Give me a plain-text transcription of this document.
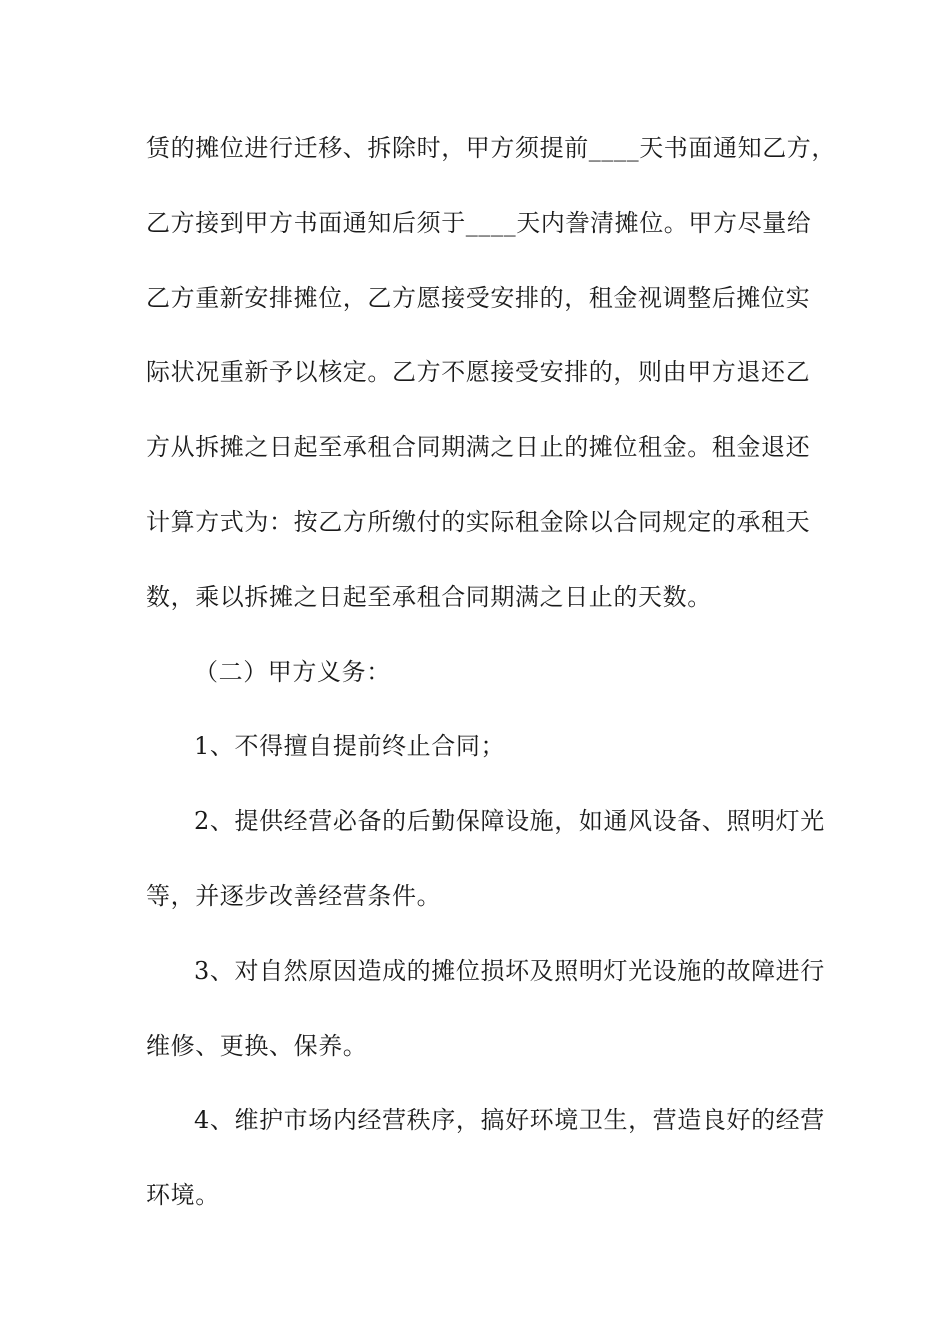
赁的摊位进行迁移、拆除时，甲方须提前____天书面通知乙方，
乙方接到甲方书面通知后须于____天内誊清摊位。甲方尽量给
乙方重新安排摊位，乙方愿接受安排的，租金视调整后摊位实
际状况重新予以核定。乙方不愿接受安排的，则由甲方退还乙
方从拆摊之日起至承租合同期满之日止的摊位租金。租金退还
计算方式为：按乙方所缴付的实际租金除以合同规定的承租天
数，乘以拆摊之日起至承租合同期满之日止的天数。
（二）甲方义务：
1、不得擅自提前终止合同；
2、提供经营必备的后勤保障设施，如通风设备、照明灯光
等，并逐步改善经营条件。
3、对自然原因造成的摊位损坏及照明灯光设施的故障进行
维修、更换、保养。
4、维护市场内经营秩序，搞好环境卫生，营造良好的经营
环境。
